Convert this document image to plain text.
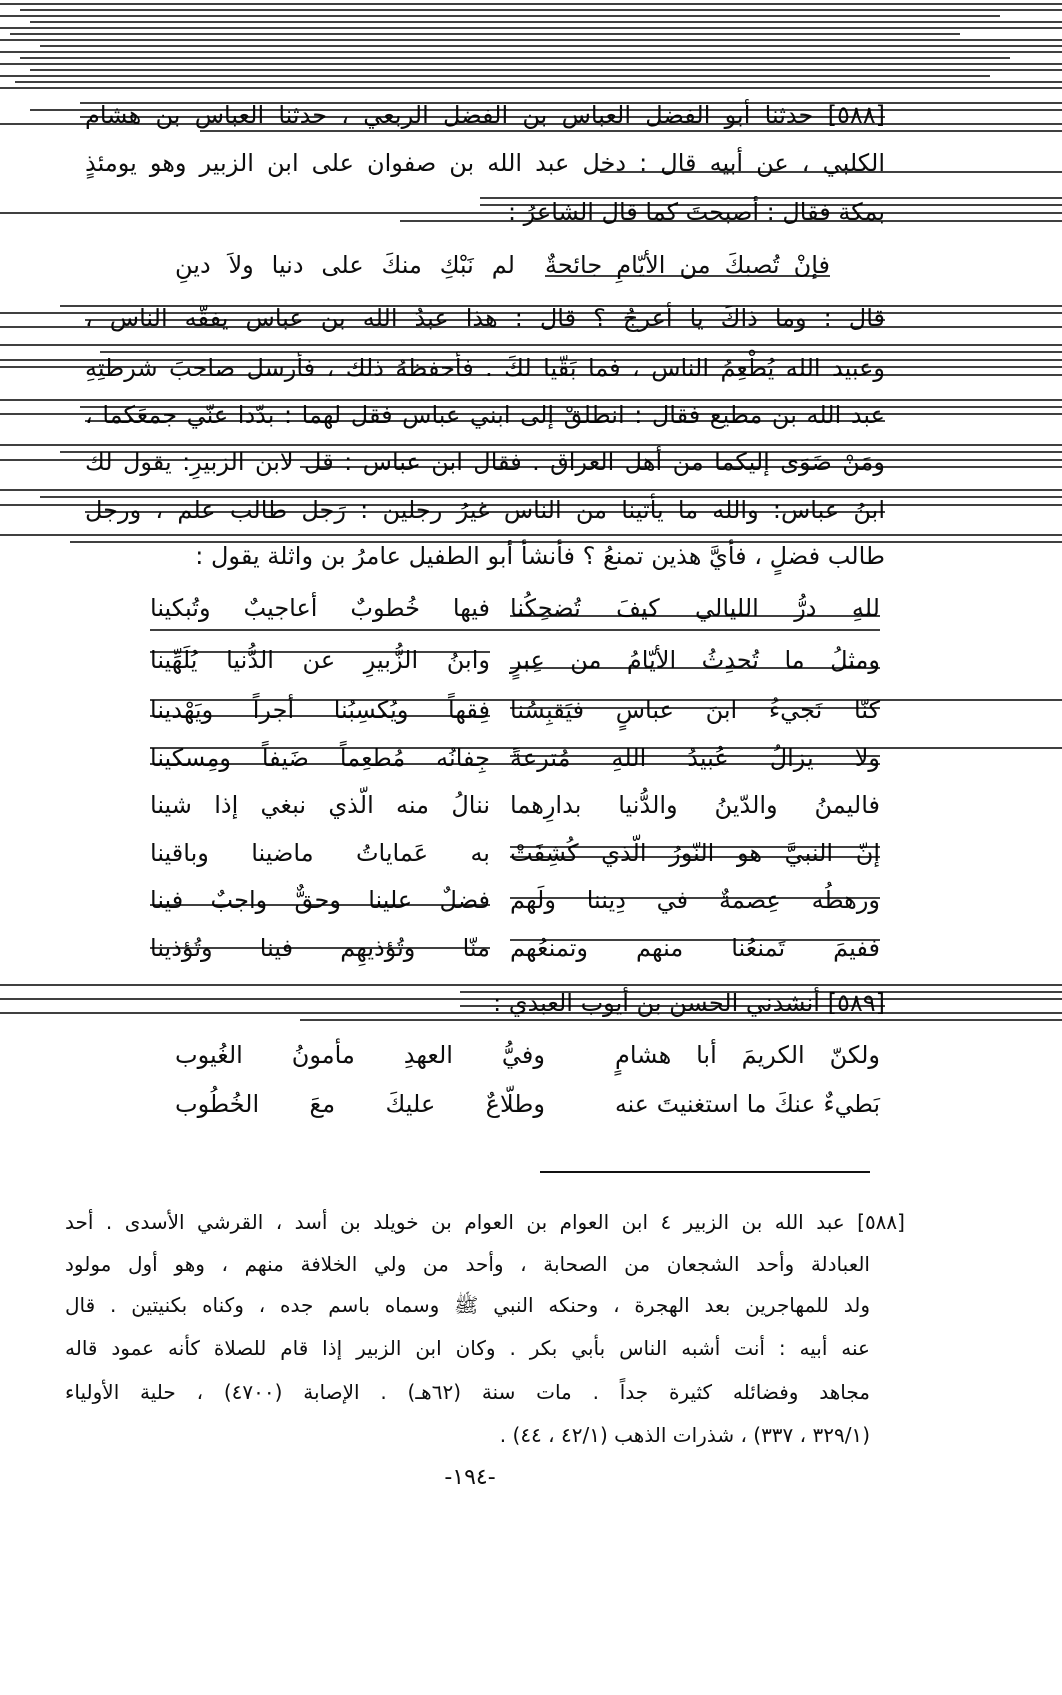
[٥٨٨] حدثنا أبو الفضل العباس بن الفضل الربعي ، حدثنا العباس بن هشام
الكلبي ، عن أبيه قال : دخل عبد الله بن صفوان على ابن الزبير وهو يومئذٍ
بمكة فقال : أصبحتَ كما قال الشاعرُ :
فإنْ تُصبكَ من الأيّامِ جائحةٌ
لم نَبْكِ منكَ على دنيا ولاَ دينِ
قال : وما ذاكَ يا أعرجُ ؟ قال : هذا عبدُ الله بن عباس يفقّه الناس ،
وعبيد الله يُطْعِمُ الناس ، فما بَقّيا لكَ . فأحفظهُ ذلك ، فأرسل صاحبَ شرطتِهِ
عبد الله بن مطيع فقال : انطلقْ إلى ابني عباس فقل لهما : بدّدا عنّي جمعَكما ،
ومَنْ ضَوَى إليكما من أهل العراق . فقال ابن عباس : قل لابن الزبيرِ: يقول لك
ابنُ عباس: والله ما يأتينا من الناس غيرُ رجلين : رَجل طالب علم ، ورجل
طالب فضلٍ ، فأيَّ هذين تمنعُ ؟ فأنشأ أبو الطفيل عامرُ بن واثلة يقول :
للهِ درُّ الليالي كيفَ تُضحِكُنا
فيها خُطوبٌ أعاجيبٌ وتُبكينا
ومثلُ ما تُحدِثُ الأيّامُ من عِبرٍ
وابنُ الزُّبيرِ عن الدُّنيا يُلَهِّينا
كنّا نَجيءُ ابنَ عباسٍ فيَقبِسُنا
فِقهاً ويُكسِبُنا أجراً ويَهْدينا
ولا يزالُ عُبيدُ اللهِ مُترعةً
جِفانُه مُطعِماً ضَيفاً ومِسكينا
فاليمنُ والدّينُ والدُّنيا بدارِهما
ننالُ منه الّذي نبغي إذا شينا
إنّ النبيَّ هو النّورُ الّذي كُشِفَتْ
به عَماياتُ ماضينا وباقينا
ورهطُه عِصمةٌ في دِيننا ولَهم
فضلٌ علينا وحقٌّ واجبٌ فينا
ففيمَ تَمنعُنا منهم وتمنعُهم
منّا وتُؤذيهِم فينا وتُؤذينا
[٥٨٩] أنشدني الحسن بن أيوب العبدي :
ولكنّ الكريمَ أبا هشامٍ
وفيُّ العهدِ مأمونُ الغُيوب
بَطيءٌ عنكَ ما استغنيتَ عنه
وطلّاعٌ عليكَ معَ الخُطُوب
[٥٨٨] عبد الله بن الزبير ٤ ابن العوام بن العوام بن خويلد بن أسد ، القرشي الأسدى . أحد
العبادلة وأحد الشجعان من الصحابة ، وأحد من ولي الخلافة منهم ، وهو أول مولود
ولد للمهاجرين بعد الهجرة ، وحنكه النبي ﷺ وسماه باسم جده ، وكناه بكنيتين . قال
عنه أبيه : أنت أشبه الناس بأبي بكر . وكان ابن الزبير إذا قام للصلاة كأنه عمود قاله
مجاهد وفضائله كثيرة جداً . مات سنة (٦٢هـ) . الإصابة (٤٧٠٠) ، حلية الأولياء
(٣٢٩/١ ، ٣٣٧) ، شذرات الذهب (٤٢/١ ، ٤٤) .
-١٩٤-
